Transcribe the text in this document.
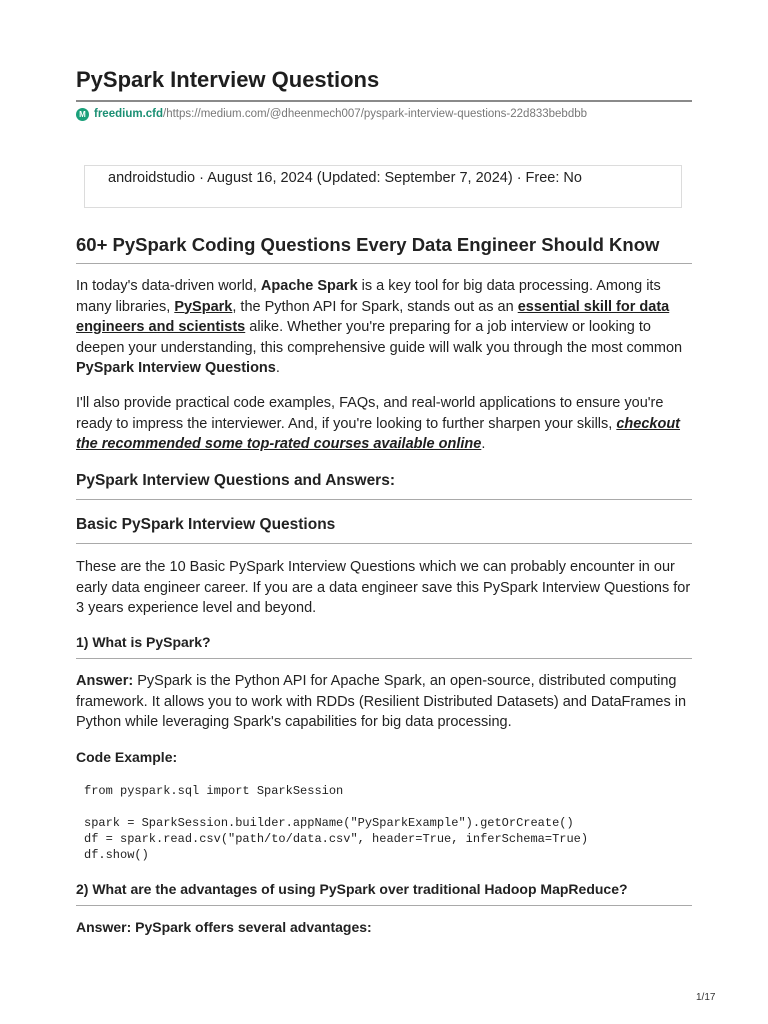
PySpark Interview Questions
M freedium.cfd /https://medium.com/@dheenmech007/pyspark-interview-questions-22d833bebdbb
androidstudio · August 16, 2024 (Updated: September 7, 2024) · Free: No
60+ PySpark Coding Questions Every Data Engineer Should Know

In today's data-driven world, Apache Spark is a key tool for big data processing. Among its many libraries, PySpark, the Python API for Spark, stands out as an essential skill for data engineers and scientists alike. Whether you're preparing for a job interview or looking to deepen your understanding, this comprehensive guide will walk you through the most common PySpark Interview Questions.

I'll also provide practical code examples, FAQs, and real-world applications to ensure you're ready to impress the interviewer. And, if you're looking to further sharpen your skills, checkout the recommended some top-rated courses available online.

PySpark Interview Questions and Answers:
Basic PySpark Interview Questions

These are the 10 Basic PySpark Interview Questions which we can probably encounter in our early data engineer career. If you are a data engineer save this PySpark Interview Questions for 3 years experience level and beyond.

1) What is PySpark?

Answer: PySpark is the Python API for Apache Spark, an open-source, distributed computing framework. It allows you to work with RDDs (Resilient Distributed Datasets) and DataFrames in Python while leveraging Spark's capabilities for big data processing.

Code Example:
from pyspark.sql import SparkSession

spark = SparkSession.builder.appName("PySparkExample").getOrCreate()
df = spark.read.csv("path/to/data.csv", header=True, inferSchema=True)
df.show()
2) What are the advantages of using PySpark over traditional Hadoop MapReduce?
Answer: PySpark offers several advantages:
1/17
